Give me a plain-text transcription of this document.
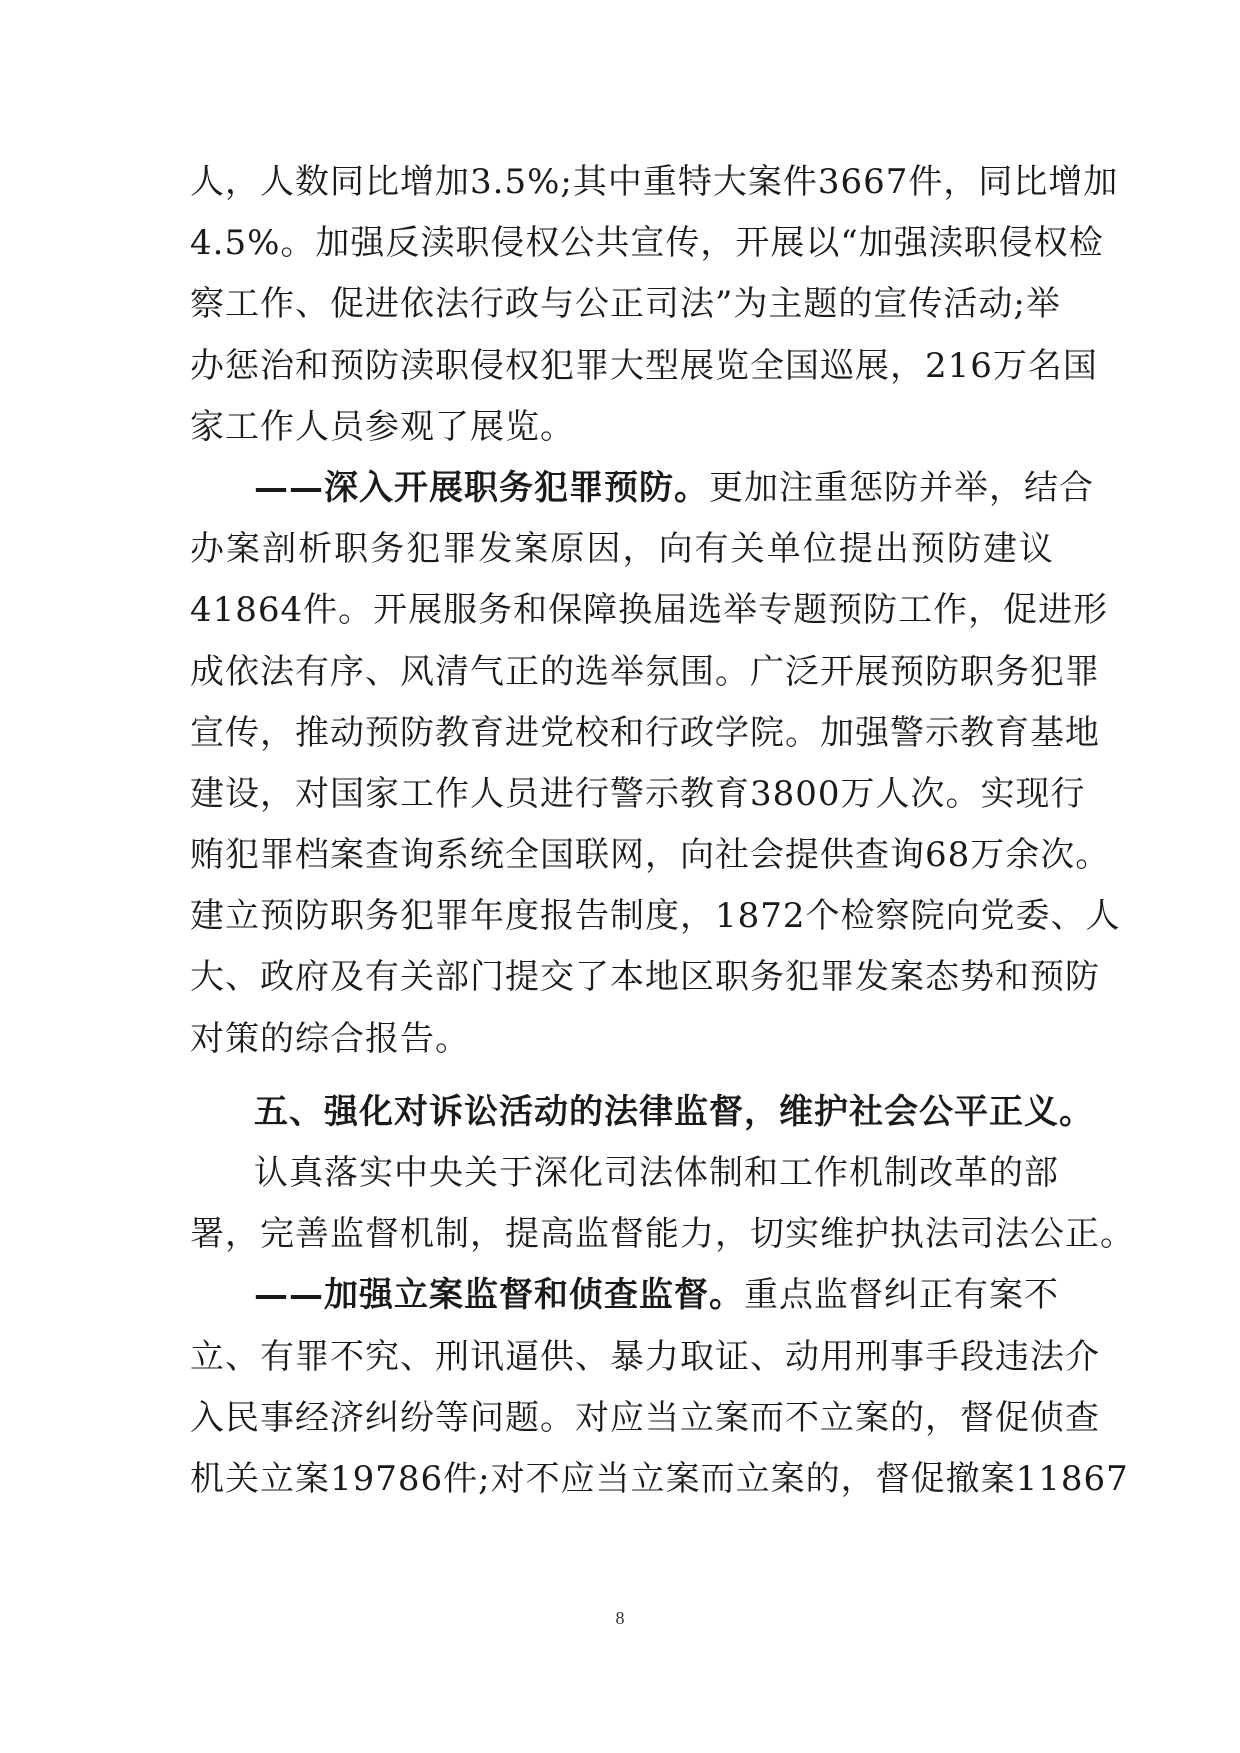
人，人数同比增加3.5%;其中重特大案件3667件，同比增加
4.5%。加强反渎职侵权公共宣传，开展以“加强渎职侵权检
察工作、促进依法行政与公正司法”为主题的宣传活动;举
办惩治和预防渎职侵权犯罪大型展览全国巡展，216万名国
家工作人员参观了展览。
——深入开展职务犯罪预防。更加注重惩防并举，结合
办案剖析职务犯罪发案原因，向有关单位提出预防建议
41864件。开展服务和保障换届选举专题预防工作，促进形
成依法有序、风清气正的选举氛围。广泛开展预防职务犯罪
宣传，推动预防教育进党校和行政学院。加强警示教育基地
建设，对国家工作人员进行警示教育3800万人次。实现行
贿犯罪档案查询系统全国联网，向社会提供查询68万余次。
建立预防职务犯罪年度报告制度，1872个检察院向党委、人
大、政府及有关部门提交了本地区职务犯罪发案态势和预防
对策的综合报告。
五、强化对诉讼活动的法律监督，维护社会公平正义。
认真落实中央关于深化司法体制和工作机制改革的部
署，完善监督机制，提高监督能力，切实维护执法司法公正。
——加强立案监督和侦查监督。重点监督纠正有案不
立、有罪不究、刑讯逼供、暴力取证、动用刑事手段违法介
入民事经济纠纷等问题。对应当立案而不立案的，督促侦查
机关立案19786件;对不应当立案而立案的，督促撤案11867
8
